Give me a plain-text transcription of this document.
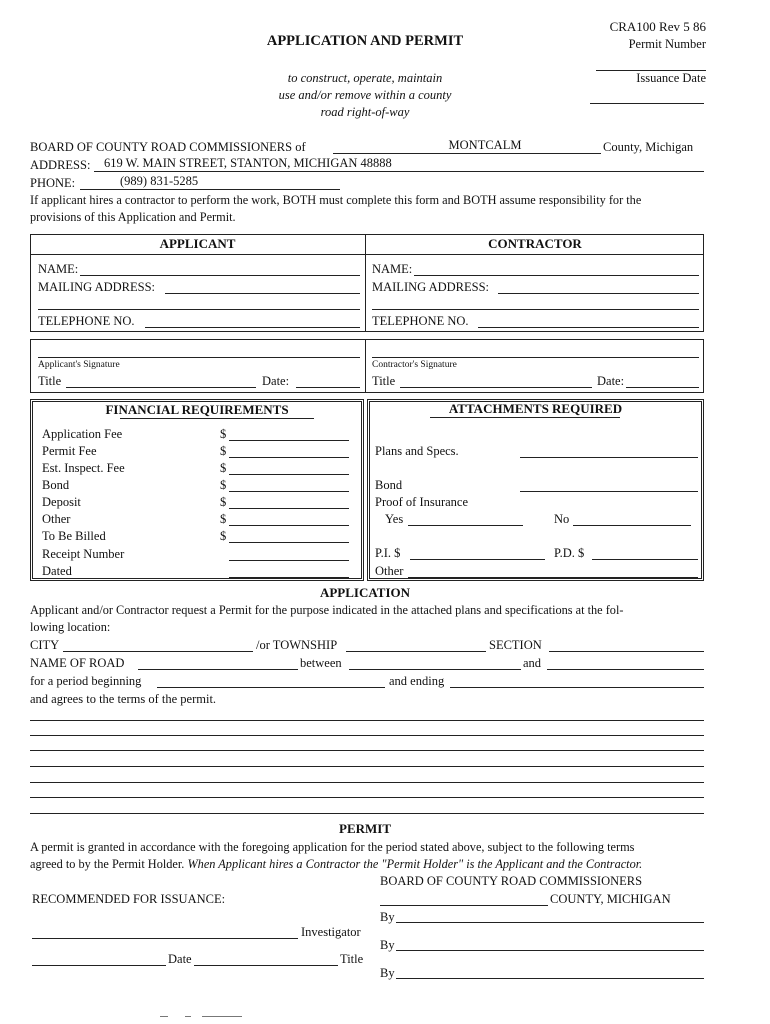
CRA100 Rev 5 86
Permit Number
Issuance Date
APPLICATION AND PERMIT
to construct, operate, maintain
use and/or remove within a county
road right-of-way
BOARD OF COUNTY ROAD COMMISSIONERS of	MONTCALM	County, Michigan
ADDRESS: 619 W. MAIN STREET, STANTON, MICHIGAN 48888
PHONE:	(989) 831-5285
If applicant hires a contractor to perform the work, BOTH must complete this form and BOTH assume responsibility for the
provisions of this Application and Permit.
APPLICANT	CONTRACTOR
NAME:
MAILING ADDRESS:
TELEPHONE NO.
NAME:
MAILING ADDRESS:
TELEPHONE NO.
Applicant's Signature
Title	Date:
Contractor's Signature
Title	Date:
FINANCIAL REQUIREMENTS	ATTACHMENTS REQUIRED
Application Fee	$
Permit Fee	$
Est. Inspect. Fee	$
Bond	$
Deposit	$
Other	$
To Be Billed	$
Receipt Number
Dated
Plans and Specs.
Bond
Proof of Insurance
Yes	No
P.I. $	P.D. $
Other
APPLICATION
Applicant and/or Contractor request a Permit for the purpose indicated in the attached plans and specifications at the fol-
lowing location:
CITY	/or TOWNSHIP	SECTION
NAME OF ROAD	between	and
for a period beginning	and ending
and agrees to the terms of the permit.
PERMIT
A permit is granted in accordance with the foregoing application for the period stated above, subject to the following terms
agreed to by the Permit Holder. When Applicant hires a Contractor the "Permit Holder" is the Applicant and the Contractor.
BOARD OF COUNTY ROAD COMMISSIONERS
COUNTY, MICHIGAN
RECOMMENDED FOR ISSUANCE:
By
Investigator
By
Date	Title
By
